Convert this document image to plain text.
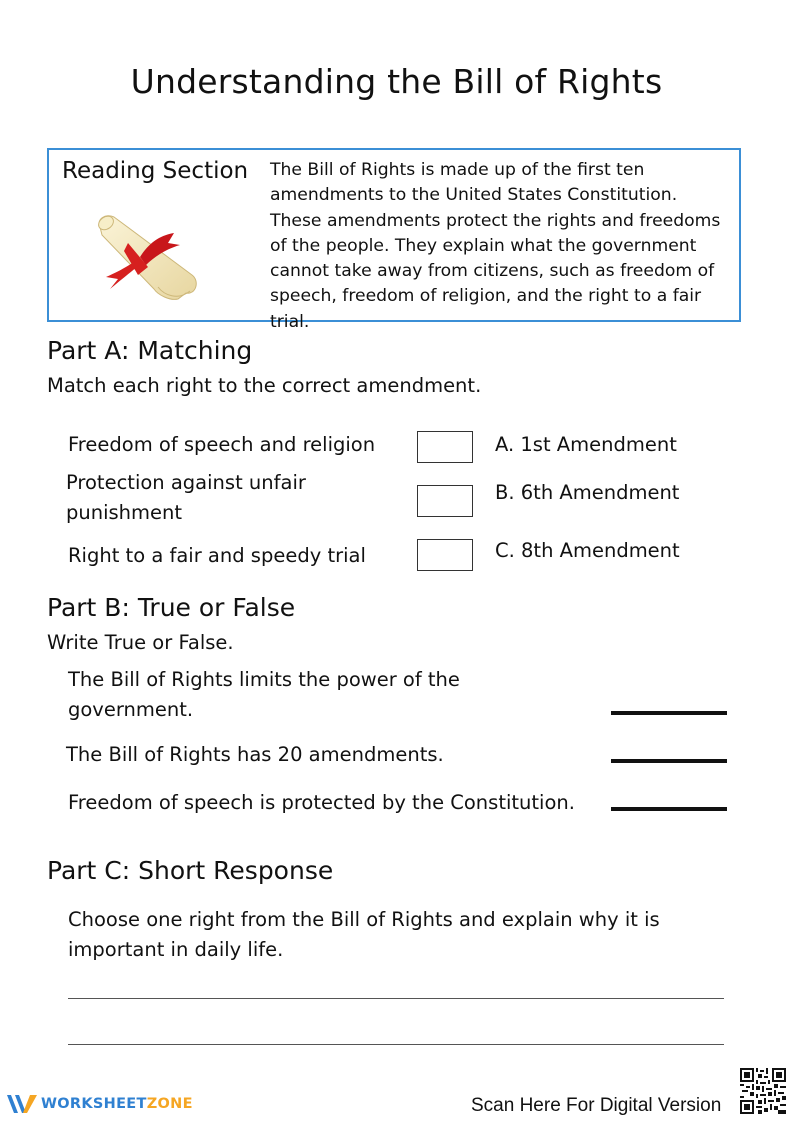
Understanding the Bill of Rights
Reading Section The Bill of Rights is made up of the first ten amendments to the United States Constitution. These amendments protect the rights and freedoms of the people. They explain what the government cannot take away from citizens, such as freedom of speech, freedom of religion, and the right to a fair trial.
Part A: Matching
Match each right to the correct amendment.
Freedom of speech and religion
Protection against unfair punishment
Right to a fair and speedy trial
A. 1st Amendment
B. 6th Amendment
C. 8th Amendment
Part B: True or False
Write True or False.
The Bill of Rights limits the power of the government.
The Bill of Rights has 20 amendments.
Freedom of speech is protected by the Constitution.
Part C: Short Response
Choose one right from the Bill of Rights and explain why it is important in daily life.
WORKSHEETZONE	Scan Here For Digital Version
